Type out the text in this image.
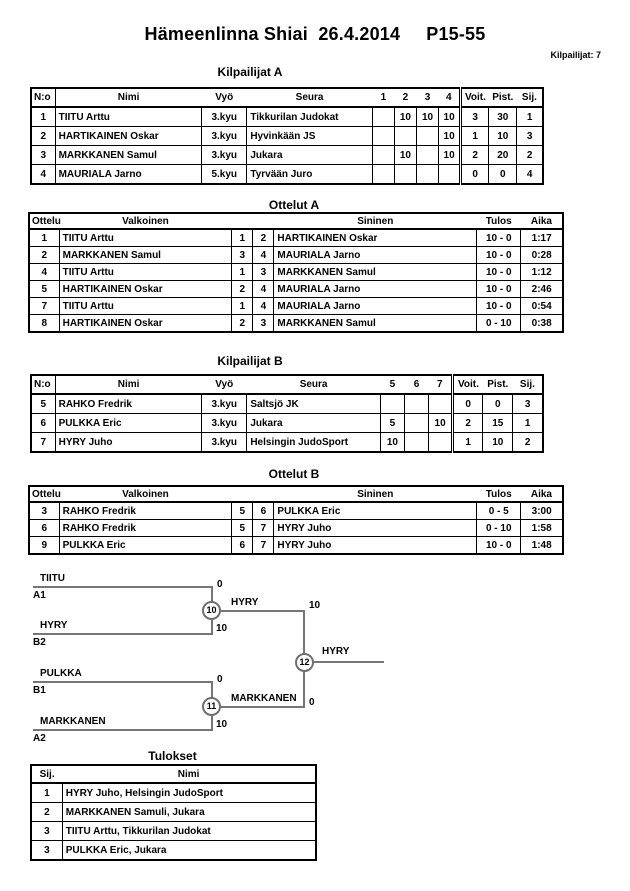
Hämeenlinna Shiai  26.4.2014     P15-55
Kilpailijat: 7
Kilpailijat A
N:o	Nimi	Vyö	Seura	1	2	3	4	Voit.	Pist.	Sij.
1	TIITU Arttu	3.kyu	Tikkurilan Judokat		10	10	10	3	30	1
2	HARTIKAINEN Oskar	3.kyu	Hyvinkään JS				10	1	10	3
3	MARKKANEN Samul	3.kyu	Jukara		10		10	2	20	2
4	MAURIALA Jarno	5.kyu	Tyrvään Juro					0	0	4
Ottelut A
Ottelu	Valkoinen			Sininen	Tulos	Aika
1	TIITU Arttu	1	2	HARTIKAINEN Oskar	10 - 0	1:17
2	MARKKANEN Samul	3	4	MAURIALA Jarno	10 - 0	0:28
4	TIITU Arttu	1	3	MARKKANEN Samul	10 - 0	1:12
5	HARTIKAINEN Oskar	2	4	MAURIALA Jarno	10 - 0	2:46
7	TIITU Arttu	1	4	MAURIALA Jarno	10 - 0	0:54
8	HARTIKAINEN Oskar	2	3	MARKKANEN Samul	0 - 10	0:38
Kilpailijat B
N:o	Nimi	Vyö	Seura	5	6	7	Voit.	Pist.	Sij.
5	RAHKO Fredrik	3.kyu	Saltsjö JK				0	0	3
6	PULKKA Eric	3.kyu	Jukara	5		10	2	15	1
7	HYRY Juho	3.kyu	Helsingin JudoSport	10			1	10	2
Ottelut B
Ottelu	Valkoinen			Sininen	Tulos	Aika
3	RAHKO Fredrik	5	6	PULKKA Eric	0 - 5	3:00
6	RAHKO Fredrik	5	7	HYRY Juho	0 - 10	1:58
9	PULKKA Eric	6	7	HYRY Juho	10 - 0	1:48
TIITU
A1
0
HYRY
B2
10
10
HYRY	10
12
HYRY
PULKKA
B1
0
MARKKANEN
A2
10
11
MARKKANEN 0
Tulokset
Sij.	Nimi
1	HYRY Juho, Helsingin JudoSport
2	MARKKANEN Samuli, Jukara
3	TIITU Arttu, Tikkurilan Judokat
3	PULKKA Eric, Jukara
